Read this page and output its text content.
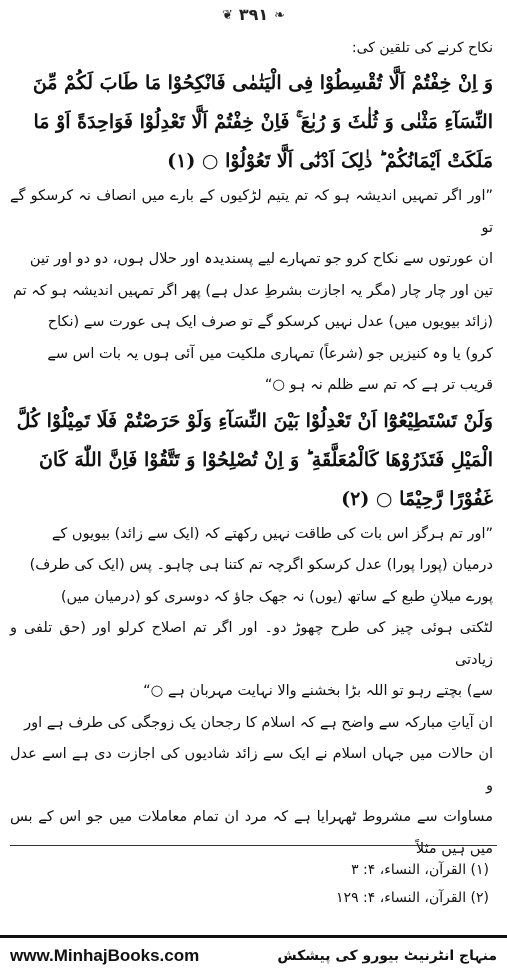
❦ ۳۹۱ ❧
نکاح کرنے کی تلقین کی:
وَ اِنْ خِفْتُمْ اَلَّا تُقْسِطُوْا فِی الْیَتٰمٰی فَانْکِحُوْا مَا طَابَ لَکُمْ مِّنَ
النِّسَآءِ مَثْنٰی وَ ثُلٰثَ وَ رُبٰعَ ۚ فَاِنْ خِفْتُمْ اَلَّا تَعْدِلُوْا فَوَاحِدَةً اَوْ مَا
مَلَکَتْ اَیْمَانُکُمْ ؕ ذٰلِکَ اَدْنٰٓی اَلَّا تَعُوْلُوْا ○ (۱)
”اور اگر تمہیں اندیشہ ہو کہ تم یتیم لڑکیوں کے بارے میں انصاف نہ کرسکو گے تو
ان عورتوں سے نکاح کرو جو تمہارے لیے پسندیدہ اور حلال ہوں، دو دو اور تین
تین اور چار چار (مگر یہ اجازت بشرطِ عدل ہے) پھر اگر تمہیں اندیشہ ہو کہ تم
(زائد بیویوں میں) عدل نہیں کرسکو گے تو صرف ایک ہی عورت سے (نکاح
کرو) یا وہ کنیزیں جو (شرعاً) تمہاری ملکیت میں آئی ہوں یہ بات اس سے
قریب تر ہے کہ تم سے ظلم نہ ہو ○“
وَلَنْ تَسْتَطِیْعُوْٓا اَنْ تَعْدِلُوْا بَیْنَ النِّسَآءِ وَلَوْ حَرَصْتُمْ فَلَا تَمِیْلُوْا کُلَّ
الْمَیْلِ فَتَذَرُوْهَا کَالْمُعَلَّقَةِ ؕ وَ اِنْ تُصْلِحُوْا وَ تَتَّقُوْا فَاِنَّ اللّٰهَ کَانَ
غَفُوْرًا رَّحِیْمًا ○ (۲)
”اور تم ہرگز اس بات کی طاقت نہیں رکھتے کہ (ایک سے زائد) بیویوں کے
درمیان (پورا پورا) عدل کرسکو اگرچہ تم کتنا ہی چاہو۔ پس (ایک کی طرف)
پورے میلانِ طبع کے ساتھ (یوں) نہ جھک جاؤ کہ دوسری کو (درمیان میں)
لٹکتی ہوئی چیز کی طرح چھوڑ دو۔ اور اگر تم اصلاح کرلو اور (حق تلفی و زیادتی
سے) بچتے رہو تو اللہ بڑا بخشنے والا نہایت مہربان ہے ○“
ان آیاتِ مبارکہ سے واضح ہے کہ اسلام کا رجحان یک زوجگی کی طرف ہے اور
ان حالات میں جہاں اسلام نے ایک سے زائد شادیوں کی اجازت دی ہے اسے عدل و
مساوات سے مشروط ٹھہرایا ہے کہ مرد ان تمام معاملات میں جو اس کے بس میں ہیں مثلاً
(۱) القرآن، النساء، ۴: ۳
(۲) القرآن، النساء، ۴: ۱۲۹
www.MinhajBooks.com	منہاج انٹرنیٹ بیورو کی پیشکش
